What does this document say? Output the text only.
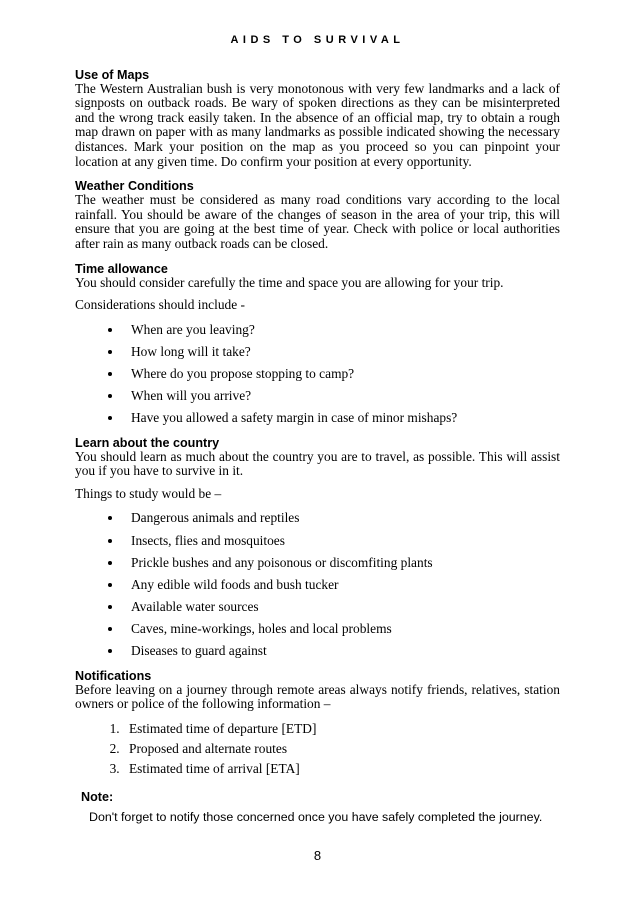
AIDS TO SURVIVAL
Use of Maps

The Western Australian bush is very monotonous with very few landmarks and a lack of signposts on outback roads. Be wary of spoken directions as they can be misinterpreted and the wrong track easily taken. In the absence of an official map, try to obtain a rough map drawn on paper with as many landmarks as possible indicated showing the necessary distances. Mark your position on the map as you proceed so you can pinpoint your location at any given time. Do confirm your position at every opportunity.

Weather Conditions

The weather must be considered as many road conditions vary according to the local rainfall. You should be aware of the changes of season in the area of your trip, this will ensure that you are going at the best time of year. Check with police or local authorities after rain as many outback roads can be closed.

Time allowance

You should consider carefully the time and space you are allowing for your trip.

Considerations should include -

• When are you leaving?
• How long will it take?
• Where do you propose stopping to camp?
• When will you arrive?
• Have you allowed a safety margin in case of minor mishaps?
Learn about the country

You should learn as much about the country you are to travel, as possible. This will assist you if you have to survive in it.

Things to study would be –

• Dangerous animals and reptiles
• Insects, flies and mosquitoes
• Prickle bushes and any poisonous or discomfiting plants
• Any edible wild foods and bush tucker
• Available water sources
• Caves, mine-workings, holes and local problems
• Diseases to guard against
Notifications

Before leaving on a journey through remote areas always notify friends, relatives, station owners or police of the following information –

1. Estimated time of departure [ETD]
2. Proposed and alternate routes
3. Estimated time of arrival [ETA]
Note:

Don't forget to notify those concerned once you have safely completed the journey.

8
